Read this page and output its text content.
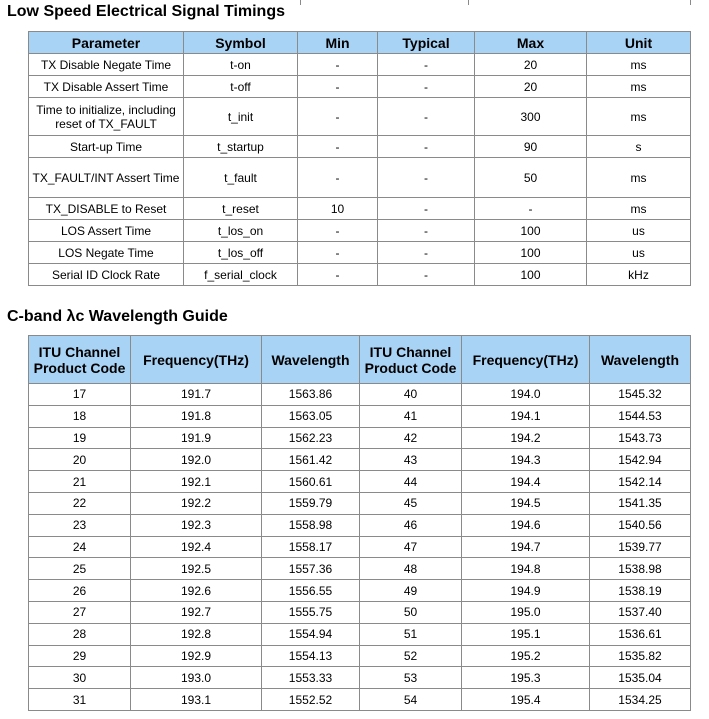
Low Speed Electrical Signal Timings
Parameter	Symbol	Min	Typical	Max	Unit
TX Disable Negate Time	t-on	-	-	20	ms
TX Disable Assert Time	t-off	-	-	20	ms
Time to initialize, including reset of TX_FAULT	t_init	-	-	300	ms
Start-up Time	t_startup	-	-	90	s
TX_FAULT/INT Assert Time	t_fault	-	-	50	ms
TX_DISABLE to Reset	t_reset	10	-	-	ms
LOS Assert Time	t_los_on	-	-	100	us
LOS Negate Time	t_los_off	-	-	100	us
Serial ID Clock Rate	f_serial_clock	-	-	100	kHz
C-band λc Wavelength Guide
ITU Channel Product Code	Frequency(THz)	Wavelength	ITU Channel Product Code	Frequency(THz)	Wavelength
17	191.7	1563.86	40	194.0	1545.32
18	191.8	1563.05	41	194.1	1544.53
19	191.9	1562.23	42	194.2	1543.73
20	192.0	1561.42	43	194.3	1542.94
21	192.1	1560.61	44	194.4	1542.14
22	192.2	1559.79	45	194.5	1541.35
23	192.3	1558.98	46	194.6	1540.56
24	192.4	1558.17	47	194.7	1539.77
25	192.5	1557.36	48	194.8	1538.98
26	192.6	1556.55	49	194.9	1538.19
27	192.7	1555.75	50	195.0	1537.40
28	192.8	1554.94	51	195.1	1536.61
29	192.9	1554.13	52	195.2	1535.82
30	193.0	1553.33	53	195.3	1535.04
31	193.1	1552.52	54	195.4	1534.25
